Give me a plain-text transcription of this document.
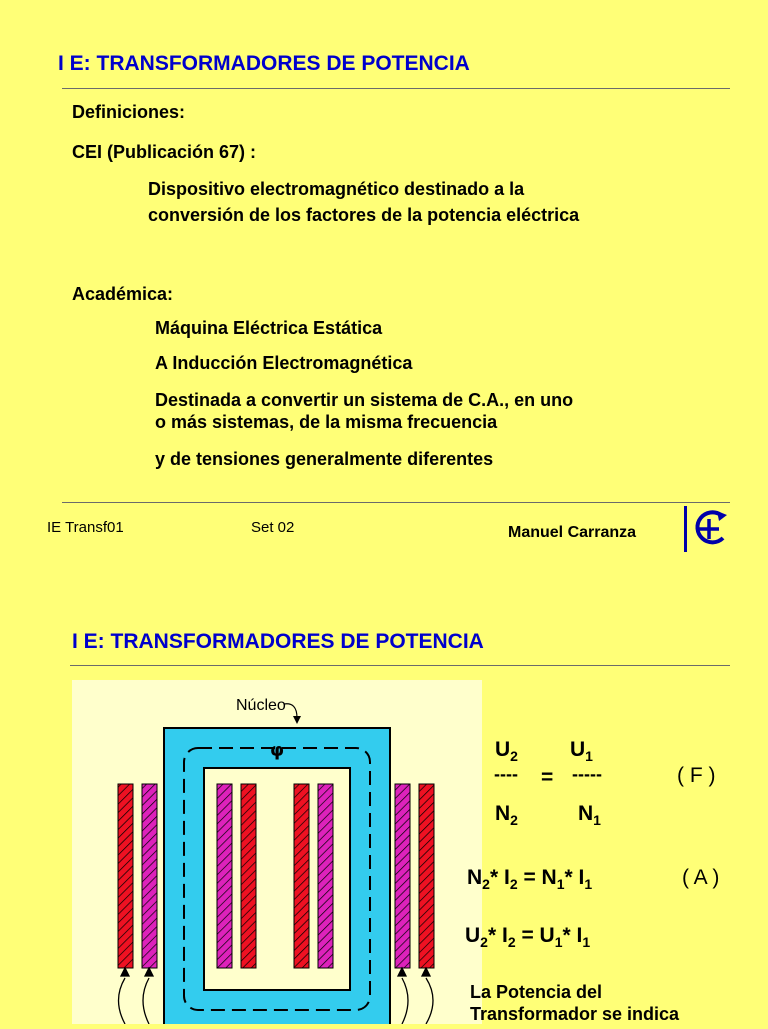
I E: TRANSFORMADORES DE POTENCIA
Definiciones:
CEI (Publicación 67) :
Dispositivo electromagnético destinado a la
conversión de los factores de la potencia eléctrica
Académica:
Máquina Eléctrica Estática
A Inducción Electromagnética
Destinada a convertir un sistema de C.A., en uno
o más sistemas, de la misma frecuencia
y de tensiones generalmente diferentes
IE Transf01	Set 02	Manuel Carranza
I E: TRANSFORMADORES DE POTENCIA
φ
Núcleo
$U_2$ $U_1$
---- = -----	( F )
$N_2$	$N_1$
$N_2*$ $I_2 = N_1*$ $I_1$	( A )
$U_2*$ $I_2 = U_1*$ $I_1$
La Potencia del
Transformador se indica
